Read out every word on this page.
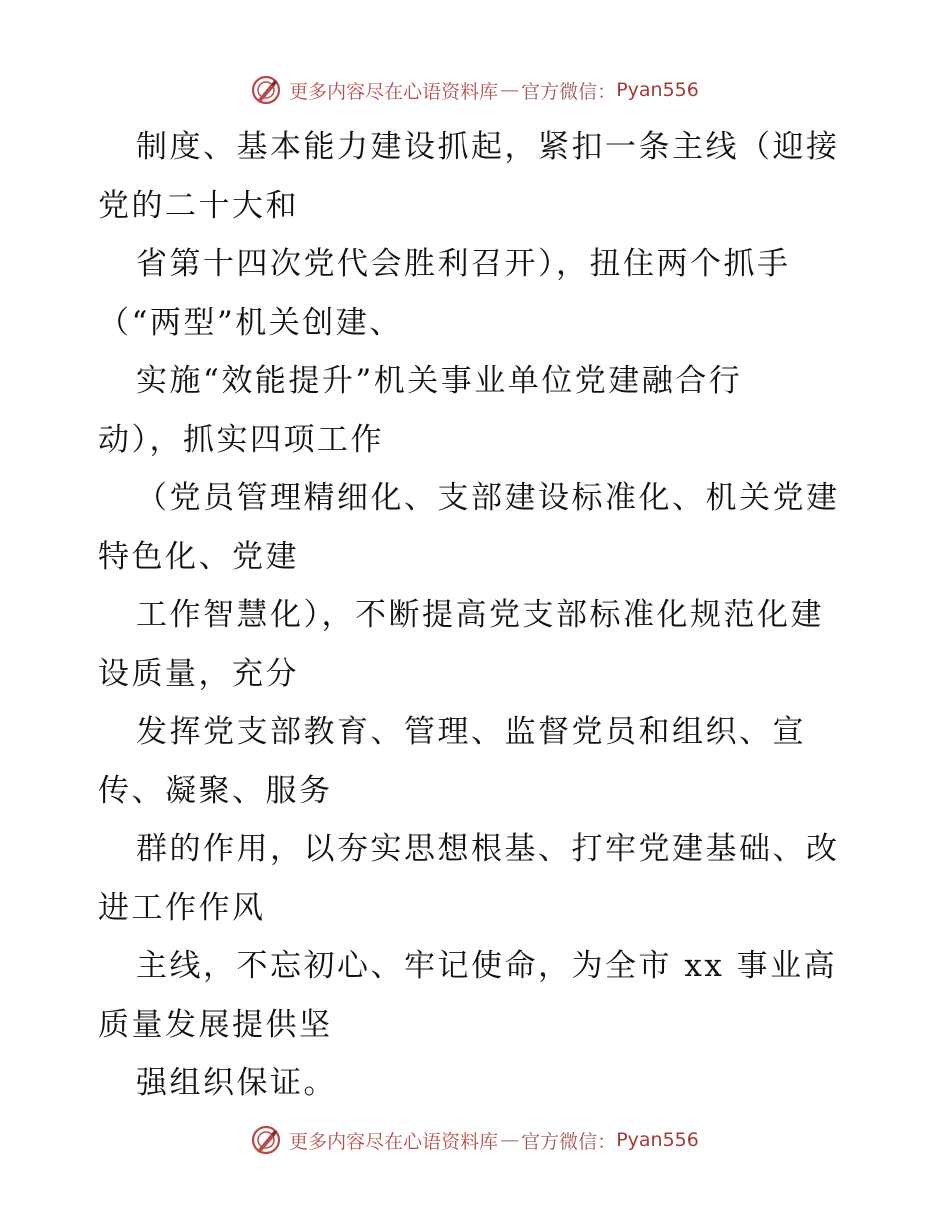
更多内容尽在心语资料库 — 官方微信： Pyan556
制度、基本能力建设抓起，紧扣一条主线（迎接
党的二十大和
省第十四次党代会胜利召开），扭住两个抓手
（“两型”机关创建、
实施“效能提升”机关事业单位党建融合行
动），抓实四项工作
（党员管理精细化、支部建设标准化、机关党建
特色化、党建
工作智慧化），不断提高党支部标准化规范化建
设质量，充分
发挥党支部教育、管理、监督党员和组织、宣
传、凝聚、服务
群的作用，以夯实思想根基、打牢党建基础、改
进工作作风
主线，不忘初心、牢记使命，为全市 xx 事业高
质量发展提供坚
强组织保证。
更多内容尽在心语资料库 — 官方微信： Pyan556
